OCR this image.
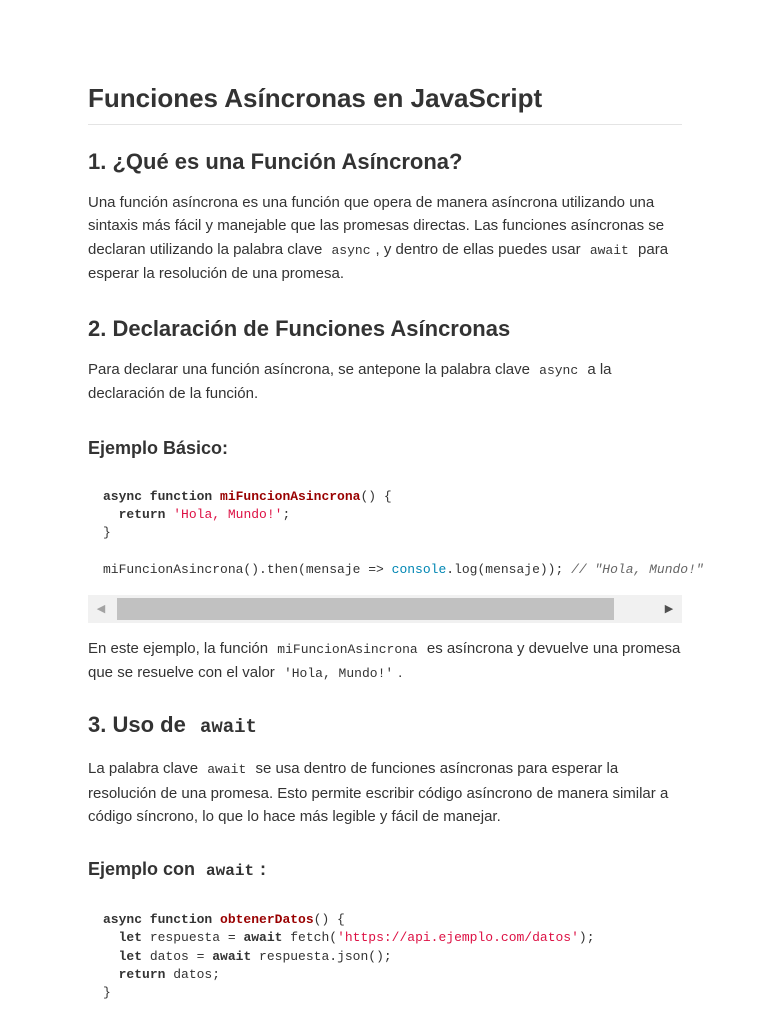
Funciones Asíncronas en JavaScript
1. ¿Qué es una Función Asíncrona?

Una función asíncrona es una función que opera de manera asíncrona utilizando una sintaxis más fácil y manejable que las promesas directas. Las funciones asíncronas se declaran utilizando la palabra clave async , y dentro de ellas puedes usar await para esperar la resolución de una promesa.

2. Declaración de Funciones Asíncronas

Para declarar una función asíncrona, se antepone la palabra clave async a la declaración de la función.

Ejemplo Básico:
async function miFuncionAsincrona() {
return 'Hola, Mundo!';
}

miFuncionAsincrona().then(mensaje => console.log(mensaje)); // "Hola, Mundo!"
◀	▶

En este ejemplo, la función miFuncionAsincrona es asíncrona y devuelve una promesa que se resuelve con el valor 'Hola, Mundo!' .

3. Uso de await

La palabra clave await se usa dentro de funciones asíncronas para esperar la resolución de una promesa. Esto permite escribir código asíncrono de manera similar a código síncrono, lo que lo hace más legible y fácil de manejar.

Ejemplo con await :
async function obtenerDatos() {
let respuesta = await fetch('https://api.ejemplo.com/datos');
let datos = await respuesta.json();
return datos;
}
